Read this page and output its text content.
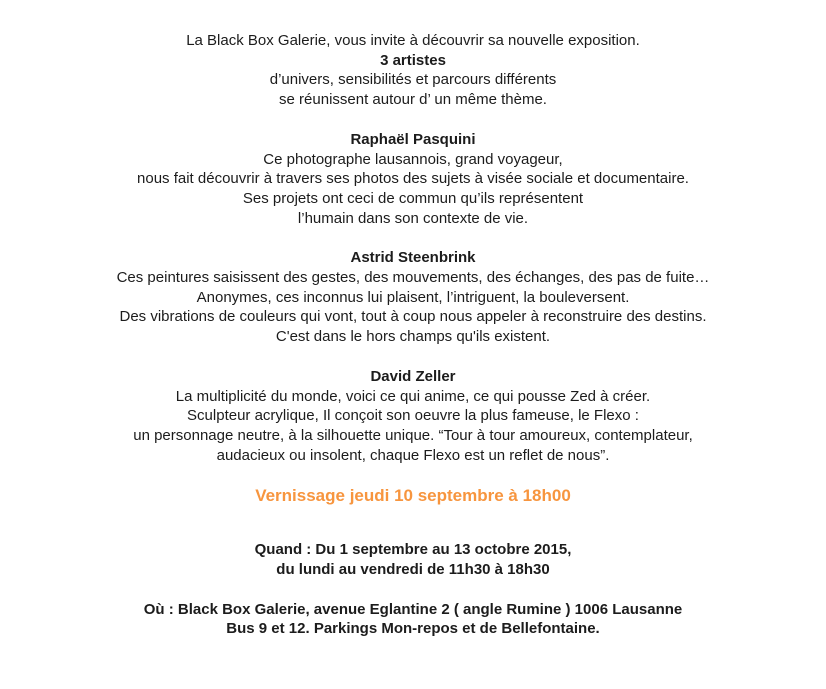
La Black Box Galerie, vous invite à découvrir sa nouvelle exposition.
3 artistes
d’univers, sensibilités et parcours différents
se réunissent autour d’ un même thème.
Raphaël Pasquini
Ce photographe lausannois, grand voyageur,
nous fait découvrir à travers ses photos des sujets à visée sociale et documentaire.
Ses projets ont ceci de commun qu’ils représentent
l’humain dans son contexte de vie.
Astrid Steenbrink
Ces peintures saisissent des gestes, des mouvements, des échanges, des pas de fuite…
Anonymes, ces inconnus lui plaisent, l’intriguent, la bouleversent.
Des vibrations de couleurs qui vont, tout à coup nous appeler à reconstruire des destins.
C'est dans le hors champs qu'ils existent.
David Zeller
La multiplicité du monde, voici ce qui anime, ce qui pousse Zed à créer.
Sculpteur acrylique, Il conçoit son oeuvre la plus fameuse, le Flexo :
un personnage neutre, à la silhouette unique. “Tour à tour amoureux, contemplateur,
audacieux ou insolent, chaque Flexo est un reflet de nous”.
Vernissage jeudi 10 septembre à 18h00
Quand : Du 1 septembre au 13 octobre 2015,
du lundi au vendredi de 11h30 à 18h30
Où : Black Box Galerie, avenue Eglantine 2 ( angle Rumine ) 1006 Lausanne
Bus 9 et 12. Parkings Mon-repos et de Bellefontaine.
